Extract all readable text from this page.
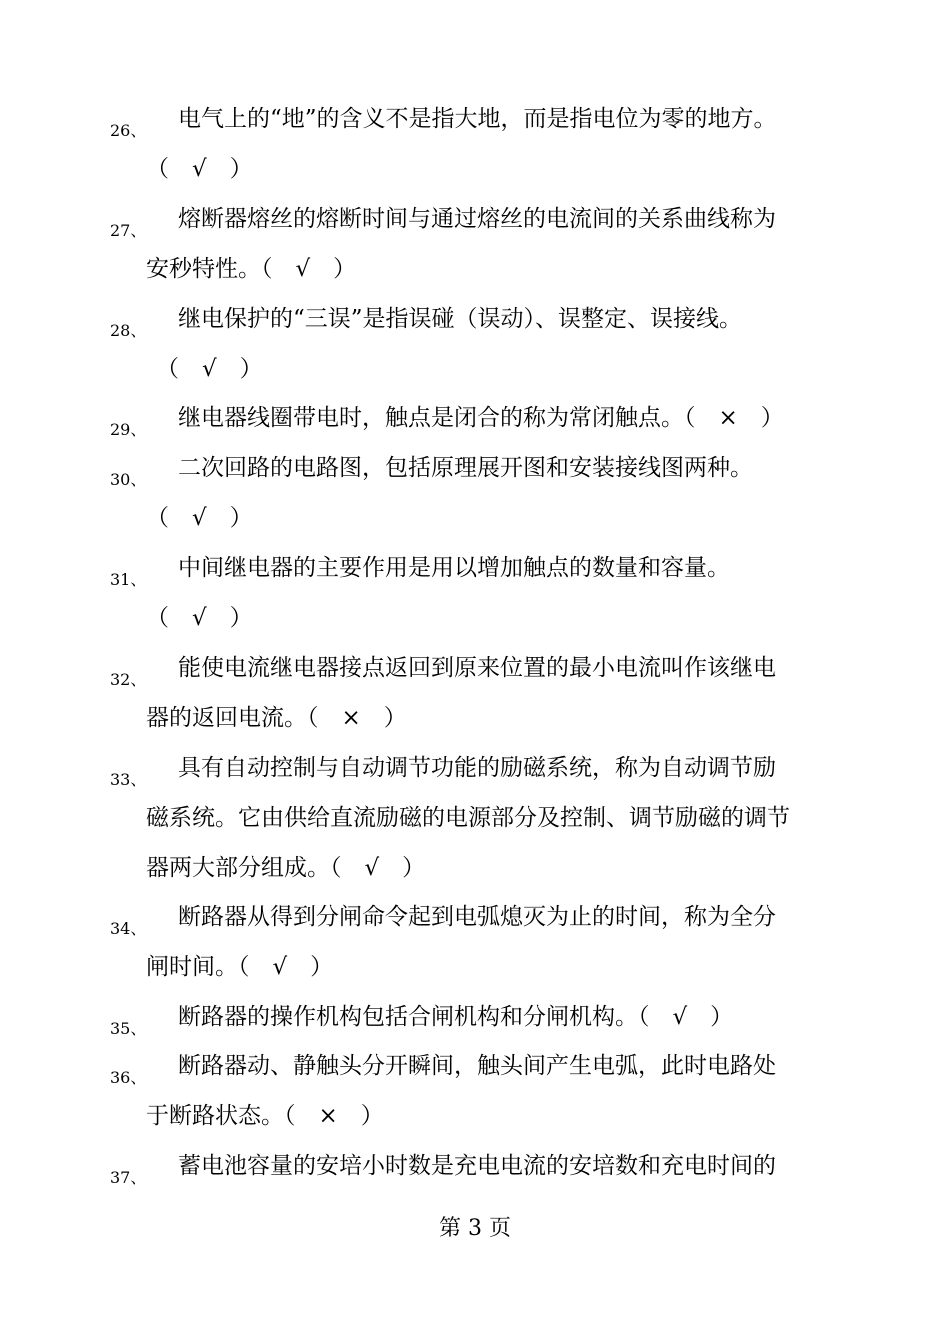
26、 电气上的“地”的含义不是指大地，而是指电位为零的地方。
（　√　）
27、 熔断器熔丝的熔断时间与通过熔丝的电流间的关系曲线称为
安秒特性。（　√　）
28、 继电保护的“三误”是指误碰（误动）、误整定、误接线。
（　√　）
29、 继电器线圈带电时，触点是闭合的称为常闭触点。（　×　）
30、 二次回路的电路图，包括原理展开图和安装接线图两种。
（　√　）
31、 中间继电器的主要作用是用以增加触点的数量和容量。
（　√　）
32、 能使电流继电器接点返回到原来位置的最小电流叫作该继电
器的返回电流。（　×　）
33、 具有自动控制与自动调节功能的励磁系统，称为自动调节励
磁系统。它由供给直流励磁的电源部分及控制、调节励磁的调节
器两大部分组成。（　√　）
34、 断路器从得到分闸命令起到电弧熄灭为止的时间，称为全分
闸时间。（　√　）
35、 断路器的操作机构包括合闸机构和分闸机构。（　√　）
36、 断路器动、静触头分开瞬间，触头间产生电弧，此时电路处
于断路状态。（　×　）
37、 蓄电池容量的安培小时数是充电电流的安培数和充电时间的
第 3 页
